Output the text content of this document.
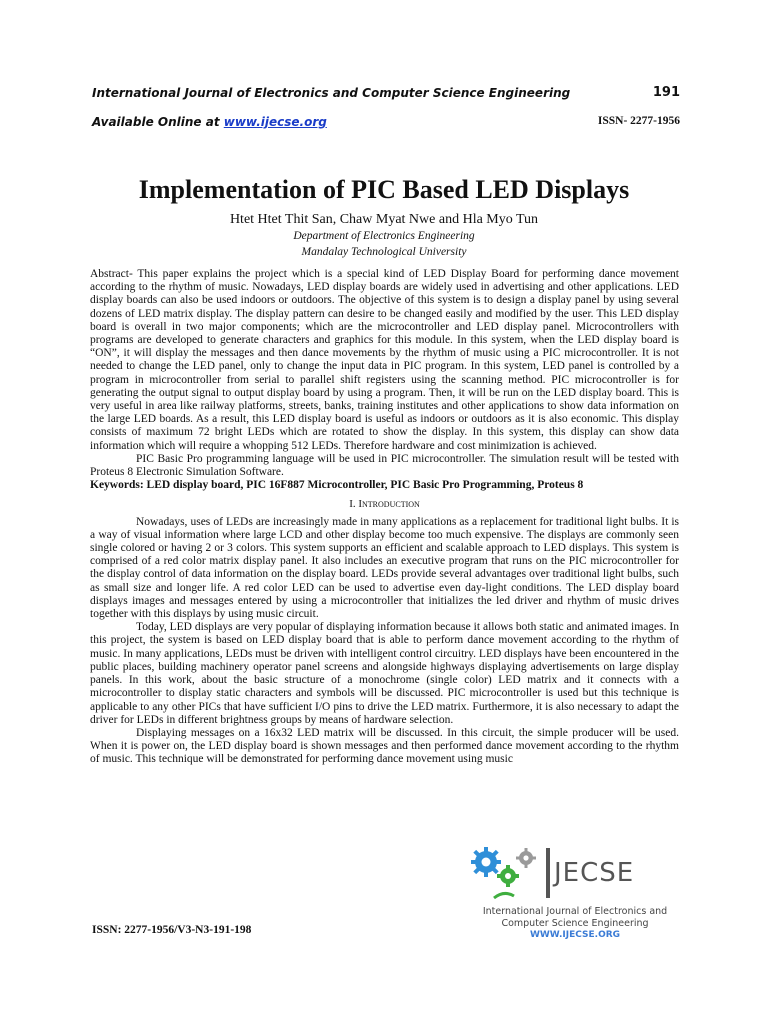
International Journal of Electronics and Computer Science Engineering	191
Available Online at www.ijecse.org	ISSN- 2277-1956
Implementation of PIC Based LED Displays
Htet Htet Thit San, Chaw Myat Nwe and Hla Myo Tun
Department of Electronics Engineering
Mandalay Technological University

Abstract- This paper explains the project which is a special kind of LED Display Board for performing dance movement according to the rhythm of music. Nowadays, LED display boards are widely used in advertising and other applications. LED display boards can also be used indoors or outdoors. The objective of this system is to design a display panel by using several dozens of LED matrix display. The display pattern can desire to be changed easily and modified by the user. This LED display board is overall in two major components; which are the microcontroller and LED display panel. Microcontrollers with programs are developed to generate characters and graphics for this module. In this system, when the LED display board is “ON”, it will display the messages and then dance movements by the rhythm of music using a PIC microcontroller. It is not needed to change the LED panel, only to change the input data in PIC program. In this system, LED panel is controlled by a program in microcontroller from serial to parallel shift registers using the scanning method. PIC microcontroller is for generating the output signal to output display board by using a program. Then, it will be run on the LED display board. This is very useful in area like railway platforms, streets, banks, training institutes and other applications to show data information on the large LED boards. As a result, this LED display board is useful as indoors or outdoors as it is also economic. This display consists of maximum 72 bright LEDs which are rotated to show the display. In this system, this display can show data information which will require a whopping 512 LEDs. Therefore hardware and cost minimization is achieved.

PIC Basic Pro programming language will be used in PIC microcontroller. The simulation result will be tested with Proteus 8 Electronic Simulation Software.

Keywords: LED display board, PIC 16F887 Microcontroller, PIC Basic Pro Programming, Proteus 8

I. Introduction

Nowadays, uses of LEDs are increasingly made in many applications as a replacement for traditional light bulbs. It is a way of visual information where large LCD and other display become too much expensive. The displays are commonly seen single colored or having 2 or 3 colors. This system supports an efficient and scalable approach to LED displays. This system is comprised of a red color matrix display panel. It also includes an executive program that runs on the PIC microcontroller for the display control of data information on the display board. LEDs provide several advantages over traditional light bulbs, such as small size and longer life. A red color LED can be used to advertise even day-light conditions. The LED display board displays images and messages entered by using a microcontroller that initializes the led driver and rhythm of music drives together with this displays by using music circuit.

Today, LED displays are very popular of displaying information because it allows both static and animated images. In this project, the system is based on LED display board that is able to perform dance movement according to the rhythm of music. In many applications, LEDs must be driven with intelligent control circuitry. LED displays have been encountered in the public places, building machinery operator panel screens and alongside highways displaying advertisements on large display panels. In this work, about the basic structure of a monochrome (single color) LED matrix and it connects with a microcontroller to display static characters and symbols will be discussed. PIC microcontroller is used but this technique is applicable to any other PICs that have sufficient I/O pins to drive the LED matrix. Furthermore, it is also necessary to adapt the driver for LEDs in different brightness groups by means of hardware selection.

Displaying messages on a 16x32 LED matrix will be discussed. In this circuit, the simple producer will be used. When it is power on, the LED display board is shown messages and then performed dance movement according to the rhythm of music. This technique will be demonstrated for performing dance movement using music

JECSE
International Journal of Electronics and
Computer Science Engineering
WWW.IJECSE.ORG
ISSN: 2277-1956/V3-N3-191-198
